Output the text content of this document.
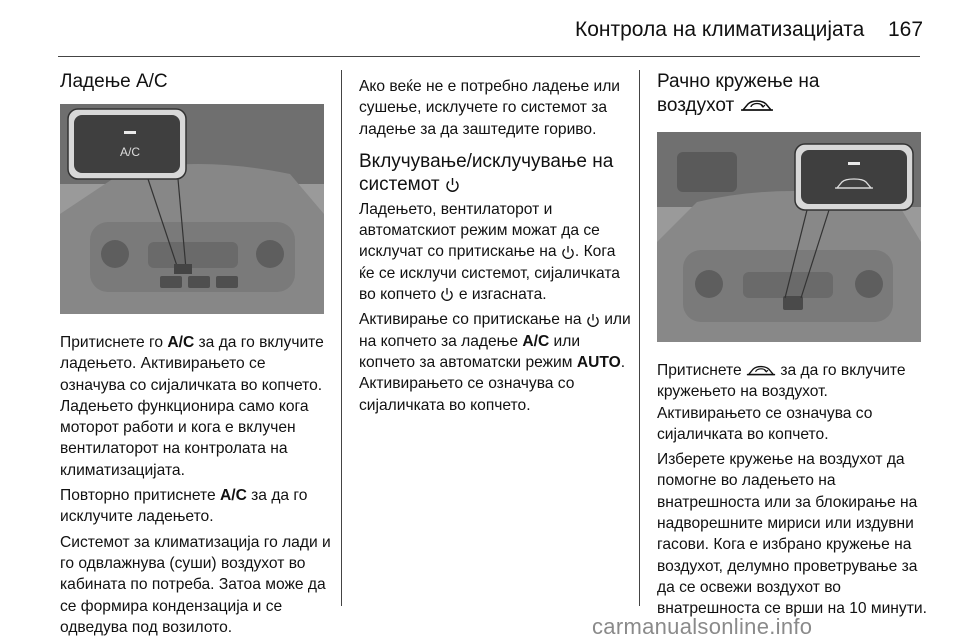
Контрола на климатизацијата 167
Ладење A/C
A/C

Притиснете го A/C за да го вклучите ладењето. Активирањето се означува со сијаличката во копчето. Ладењето функционира само кога моторот работи и кога е вклучен вентилаторот на контролата на климатизацијата.

Повторно притиснете A/C за да го исклучите ладењето.

Системот за климатизација го лади и го одвлажнува (суши) воздухот во кабината по потреба. Затоа може да се формира кондензација и се одведува под возилото.

Ако веќе не е потребно ладење или сушење, исклучете го системот за ладење за да заштедите гориво.

Вклучување/исклучување на системот

Ладењето, вентилаторот и автоматскиот режим можат да се исклучат со притискање на . Кога ќе се исклучи системот, сијаличката во копчето  е изгаснатa.

Активирање со притискање на  или на копчето за ладење A/C или копчето за автоматски режим AUTO. Активирањето се означува со сијаличката во копчето.

Рачно кружење на
воздухот

Притиснете  за да го вклучите кружењето на воздухот. Активирањето се означува со сијаличката во копчето.

Изберете кружење на воздухот да помогне во ладењето на внатрешноста или за блокирање на надворешните мириси или издувни гасови. Кога е избрано кружење на воздухот, делумно проветрување за да се освежи воздухот во внатрешноста се врши на 10 минути.

carmanualsonline.info
